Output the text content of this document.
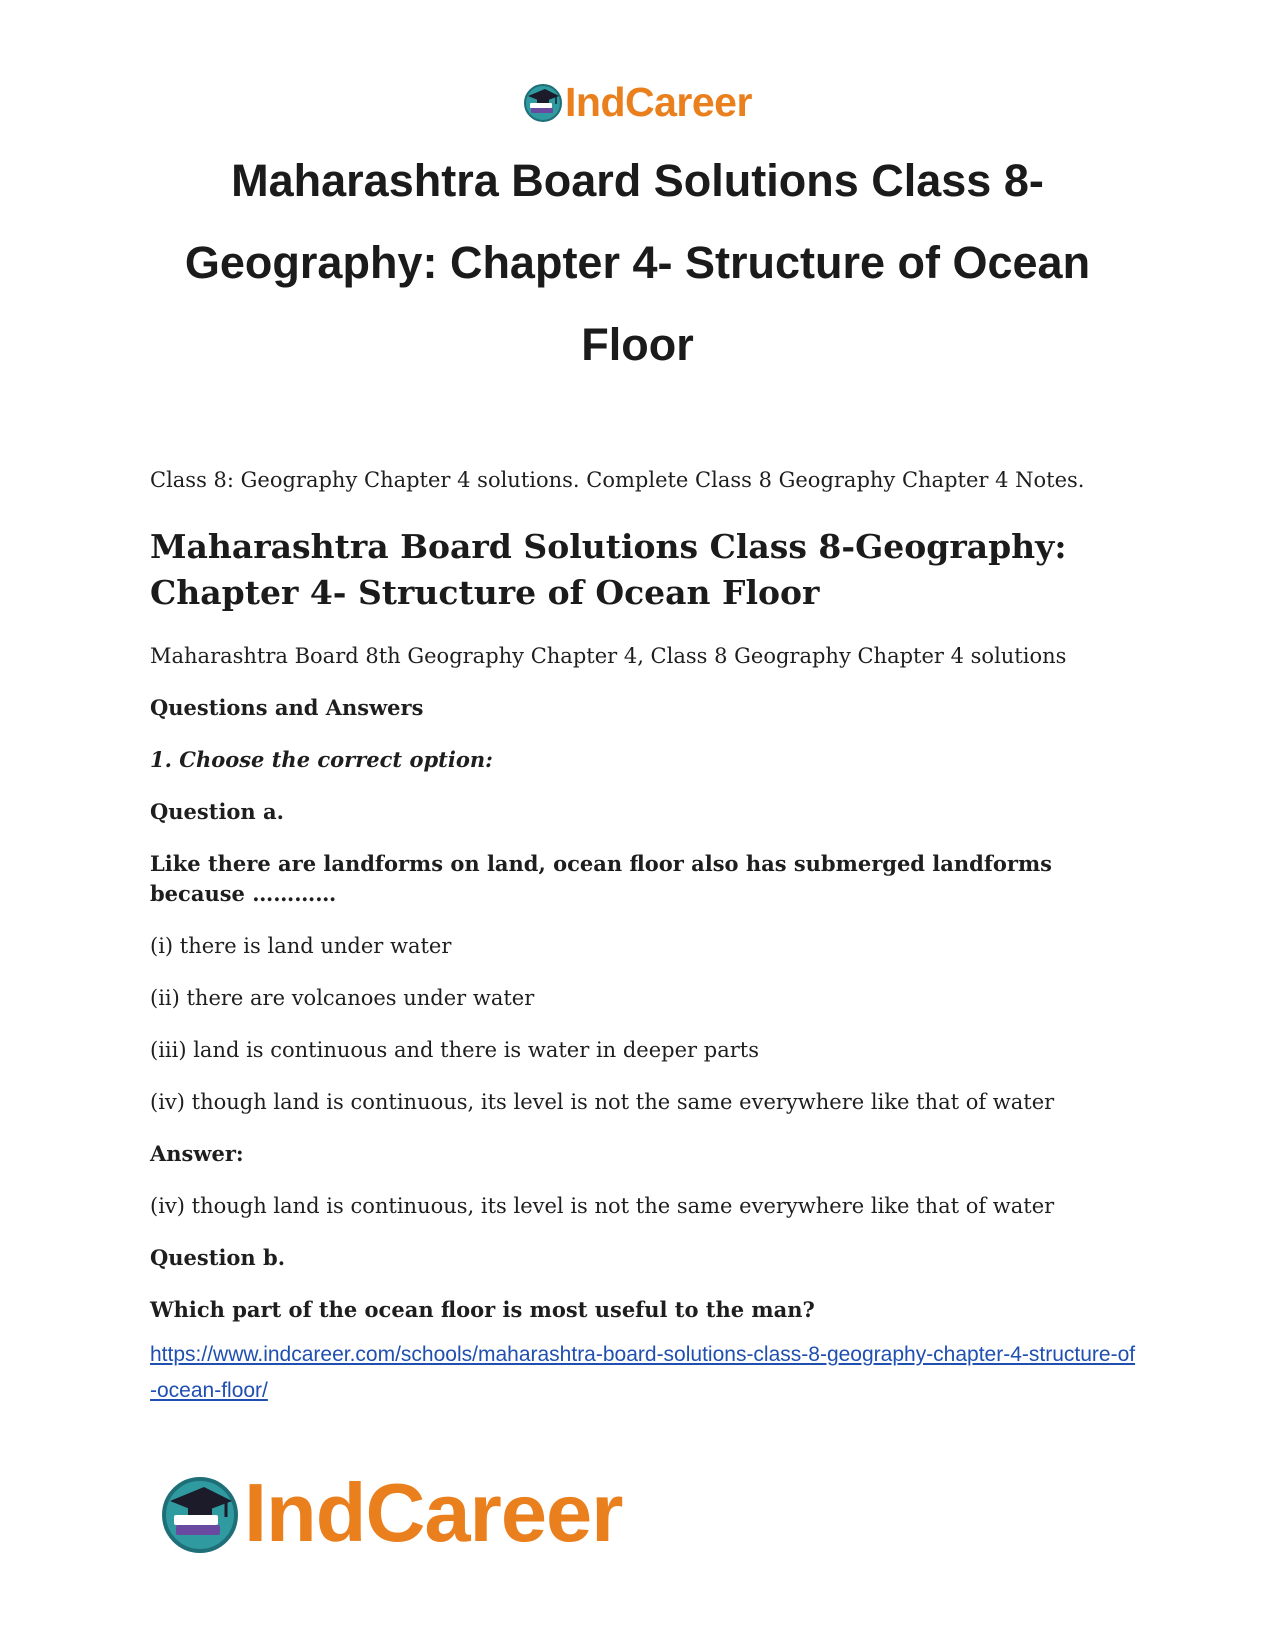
IndCareer
Maharashtra Board Solutions Class 8-Geography: Chapter 4- Structure of Ocean Floor

Class 8: Geography Chapter 4 solutions. Complete Class 8 Geography Chapter 4 Notes.

Maharashtra Board Solutions Class 8-Geography: Chapter 4- Structure of Ocean Floor

Maharashtra Board 8th Geography Chapter 4, Class 8 Geography Chapter 4 solutions

Questions and Answers

1. Choose the correct option:

Question a.

Like there are landforms on land, ocean floor also has submerged landforms because …………

(i) there is land under water

(ii) there are volcanoes under water

(iii) land is continuous and there is water in deeper parts

(iv) though land is continuous, its level is not the same everywhere like that of water

Answer:

(iv) though land is continuous, its level is not the same everywhere like that of water

Question b.

Which part of the ocean floor is most useful to the man?

https://www.indcareer.com/schools/maharashtra-board-solutions-class-8-geography-chapter-4-structure-of-ocean-floor/
IndCareer
